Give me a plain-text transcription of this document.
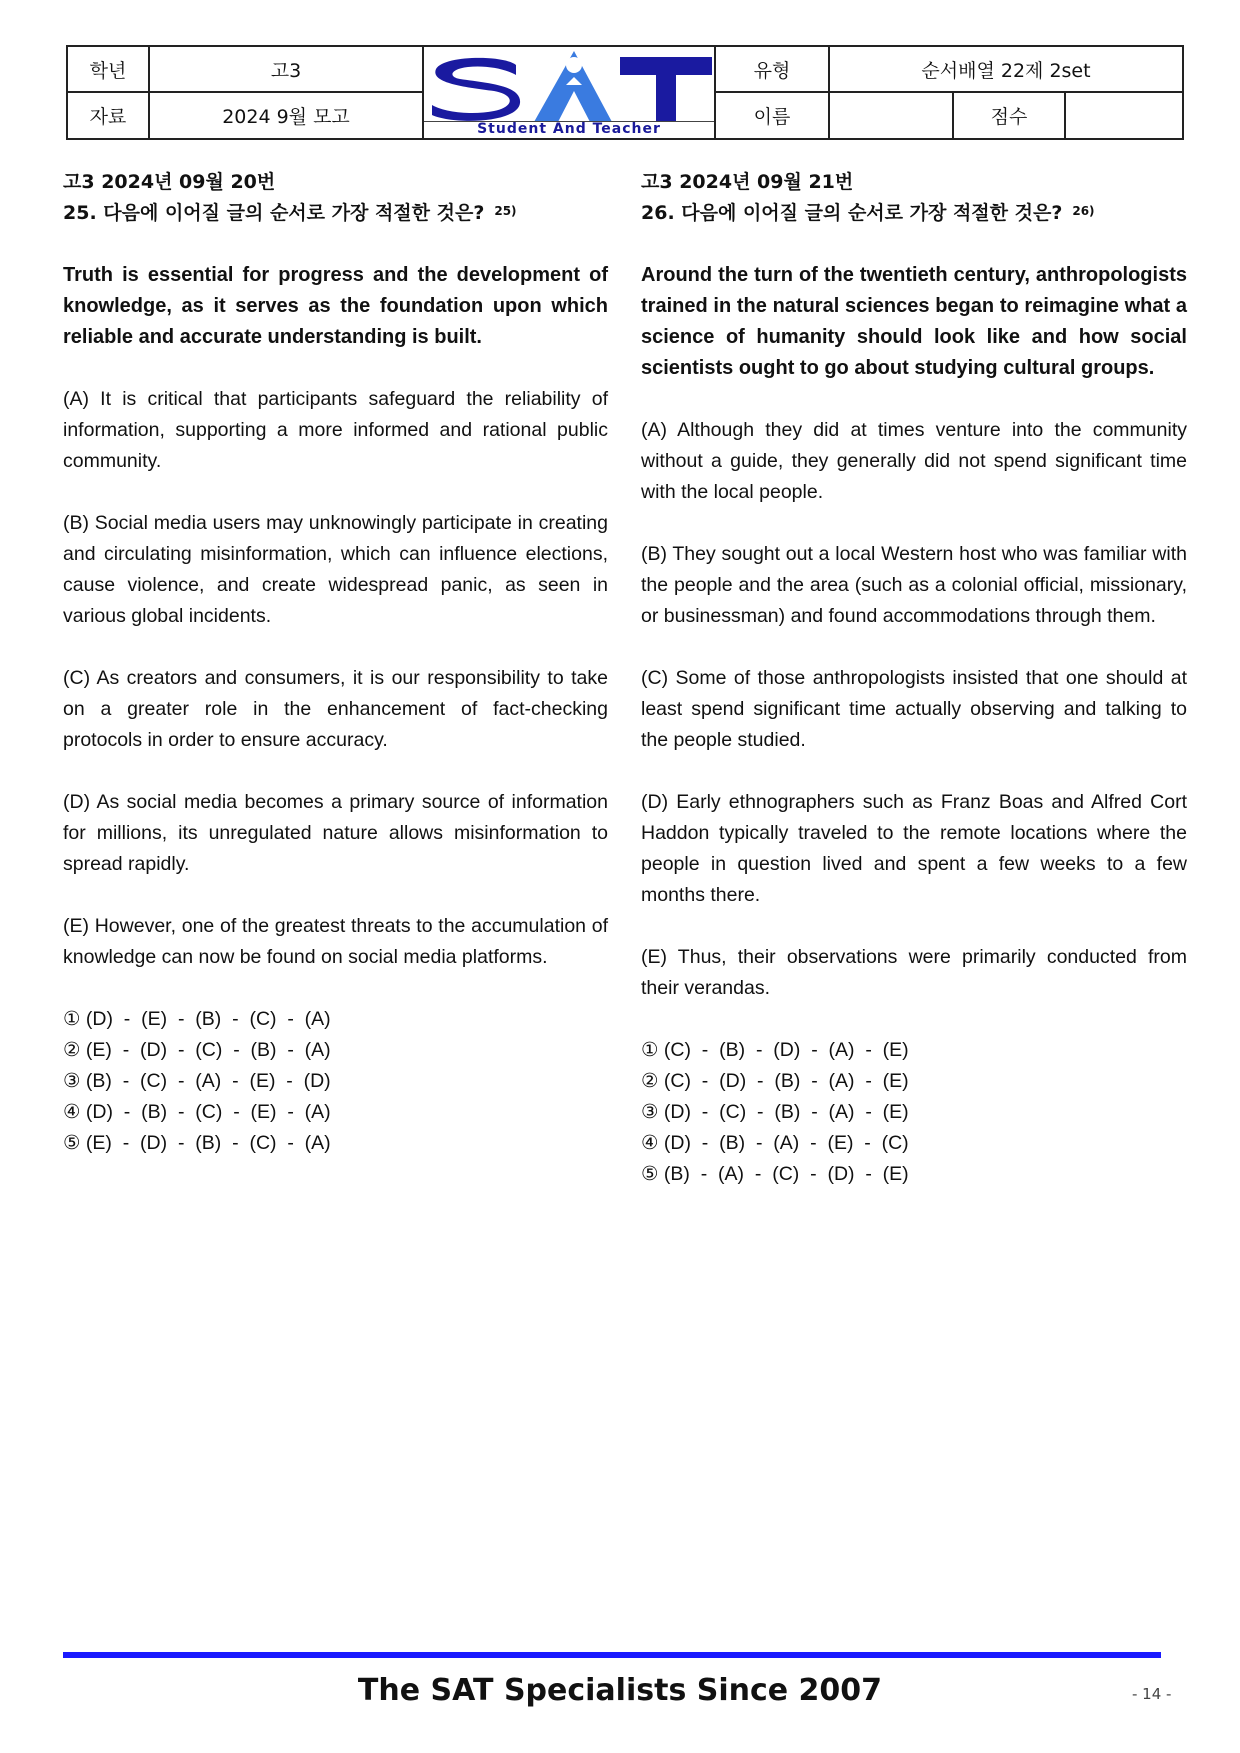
학년	고3	유형	순서배열 22제 2set
자료	2024 9월 모고	이름	점수
Student And Teacher
고3 2024년 09월 20번
25. 다음에 이어질 글의 순서로 가장 적절한 것은? $^{25)}$
Truth is essential for progress and the development of knowledge, as it serves as the foundation upon which reliable and accurate understanding is built.
(A) It is critical that participants safeguard the reliability of information, supporting a more informed and rational public community.
(B) Social media users may unknowingly participate in creating and circulating misinformation, which can influence elections, cause violence, and create widespread panic, as seen in various global incidents.
(C) As creators and consumers, it is our responsibility to take on a greater role in the enhancement of fact-checking protocols in order to ensure accuracy.
(D) As social media becomes a primary source of information for millions, its unregulated nature allows misinformation to spread rapidly.
(E) However, one of the greatest threats to the accumulation of knowledge can now be found on social media platforms.
① (D)  -  (E)  -  (B)  -  (C)  -  (A)
② (E)  -  (D)  -  (C)  -  (B)  -  (A)
③ (B)  -  (C)  -  (A)  -  (E)  -  (D)
④ (D)  -  (B)  -  (C)  -  (E)  -  (A)
⑤ (E)  -  (D)  -  (B)  -  (C)  -  (A)
고3 2024년 09월 21번
26. 다음에 이어질 글의 순서로 가장 적절한 것은? $^{26)}$
Around the turn of the twentieth century, anthropologists trained in the natural sciences began to reimagine what a science of humanity should look like and how social scientists ought to go about studying cultural groups.
(A) Although they did at times venture into the community without a guide, they generally did not spend significant time with the local people.
(B) They sought out a local Western host who was familiar with the people and the area (such as a colonial official, missionary, or businessman) and found accommodations through them.
(C) Some of those anthropologists insisted that one should at least spend significant time actually observing and talking to the people studied.
(D) Early ethnographers such as Franz Boas and Alfred Cort Haddon typically traveled to the remote locations where the people in question lived and spent a few weeks to a few months there.
(E) Thus, their observations were primarily conducted from their verandas.
① (C)  -  (B)  -  (D)  -  (A)  -  (E)
② (C)  -  (D)  -  (B)  -  (A)  -  (E)
③ (D)  -  (C)  -  (B)  -  (A)  -  (E)
④ (D)  -  (B)  -  (A)  -  (E)  -  (C)
⑤ (B)  -  (A)  -  (C)  -  (D)  -  (E)
The SAT Specialists Since 2007	- 14 -
